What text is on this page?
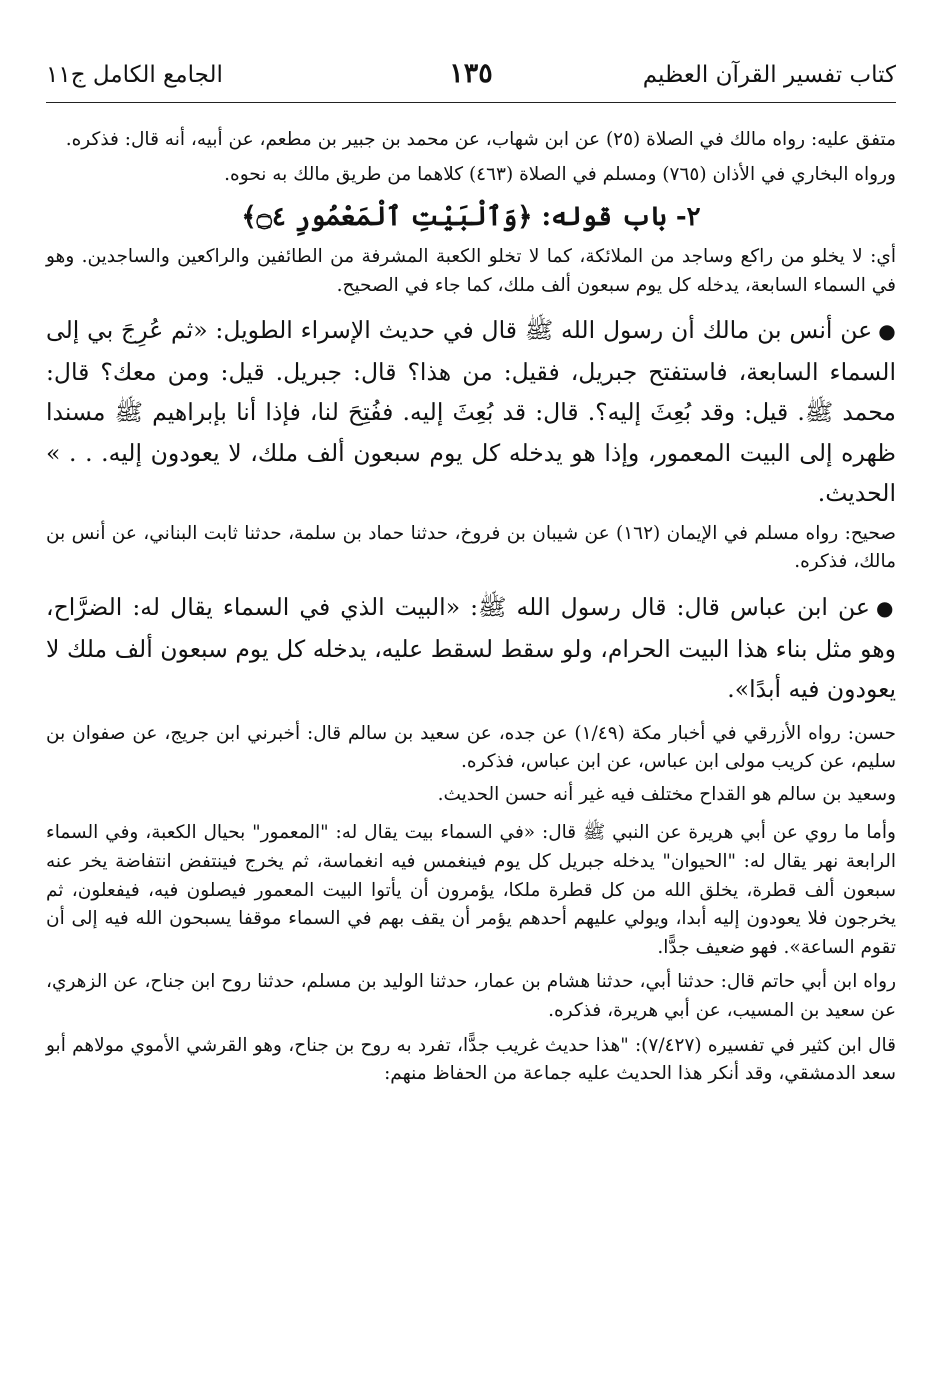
كتاب تفسير القرآن العظيم
١٣٥
الجامع الكامل ج١١

متفق عليه: رواه مالك في الصلاة (٢٥) عن ابن شهاب، عن محمد بن جبير بن مطعم، عن أبيه، أنه قال: فذكره.

ورواه البخاري في الأذان (٧٦٥) ومسلم في الصلاة (٤٦٣) كلاهما من طريق مالك به نحوه.

٢- باب قوله: ﴿وَٱلْبَيْتِ ٱلْمَعْمُورِ ۝٤﴾

أي: لا يخلو من راكع وساجد من الملائكة، كما لا تخلو الكعبة المشرفة من الطائفين والراكعين والساجدين. وهو في السماء السابعة، يدخله كل يوم سبعون ألف ملك، كما جاء في الصحيح.

●عن أنس بن مالك أن رسول الله ﷺ قال في حديث الإسراء الطويل: «ثم عُرِجَ بي إلى السماء السابعة، فاستفتح جبريل، فقيل: من هذا؟ قال: جبريل. قيل: ومن معك؟ قال: محمد ﷺ. قيل: وقد بُعِثَ إليه؟. قال: قد بُعِثَ إليه. ففُتِحَ لنا، فإذا أنا بإبراهيم ﷺ مسندا ظهره إلى البيت المعمور، وإذا هو يدخله كل يوم سبعون ألف ملك، لا يعودون إليه. . . » الحديث.

صحيح: رواه مسلم في الإيمان (١٦٢) عن شيبان بن فروخ، حدثنا حماد بن سلمة، حدثنا ثابت البناني، عن أنس بن مالك، فذكره.

●عن ابن عباس قال: قال رسول الله ﷺ: «البيت الذي في السماء يقال له: الضرَّاح، وهو مثل بناء هذا البيت الحرام، ولو سقط لسقط عليه، يدخله كل يوم سبعون ألف ملك لا يعودون فيه أبدًا».

حسن: رواه الأزرقي في أخبار مكة (١/٤٩) عن جده، عن سعيد بن سالم قال: أخبرني ابن جريج، عن صفوان بن سليم، عن كريب مولى ابن عباس، عن ابن عباس، فذكره.

وسعيد بن سالم هو القداح مختلف فيه غير أنه حسن الحديث.

وأما ما روي عن أبي هريرة عن النبي ﷺ قال: «في السماء بيت يقال له: "المعمور" بحيال الكعبة، وفي السماء الرابعة نهر يقال له: "الحيوان" يدخله جبريل كل يوم فينغمس فيه انغماسة، ثم يخرج فينتفض انتفاضة يخر عنه سبعون ألف قطرة، يخلق الله من كل قطرة ملكا، يؤمرون أن يأتوا البيت المعمور فيصلون فيه، فيفعلون، ثم يخرجون فلا يعودون إليه أبدا، ويولي عليهم أحدهم يؤمر أن يقف بهم في السماء موقفا يسبحون الله فيه إلى أن تقوم الساعة». فهو ضعيف جدًّا.

رواه ابن أبي حاتم قال: حدثنا أبي، حدثنا هشام بن عمار، حدثنا الوليد بن مسلم، حدثنا روح ابن جناح، عن الزهري، عن سعيد بن المسيب، عن أبي هريرة، فذكره.

قال ابن كثير في تفسيره (٧/٤٢٧): "هذا حديث غريب جدًّا، تفرد به روح بن جناح، وهو القرشي الأموي مولاهم أبو سعد الدمشقي، وقد أنكر هذا الحديث عليه جماعة من الحفاظ منهم:
